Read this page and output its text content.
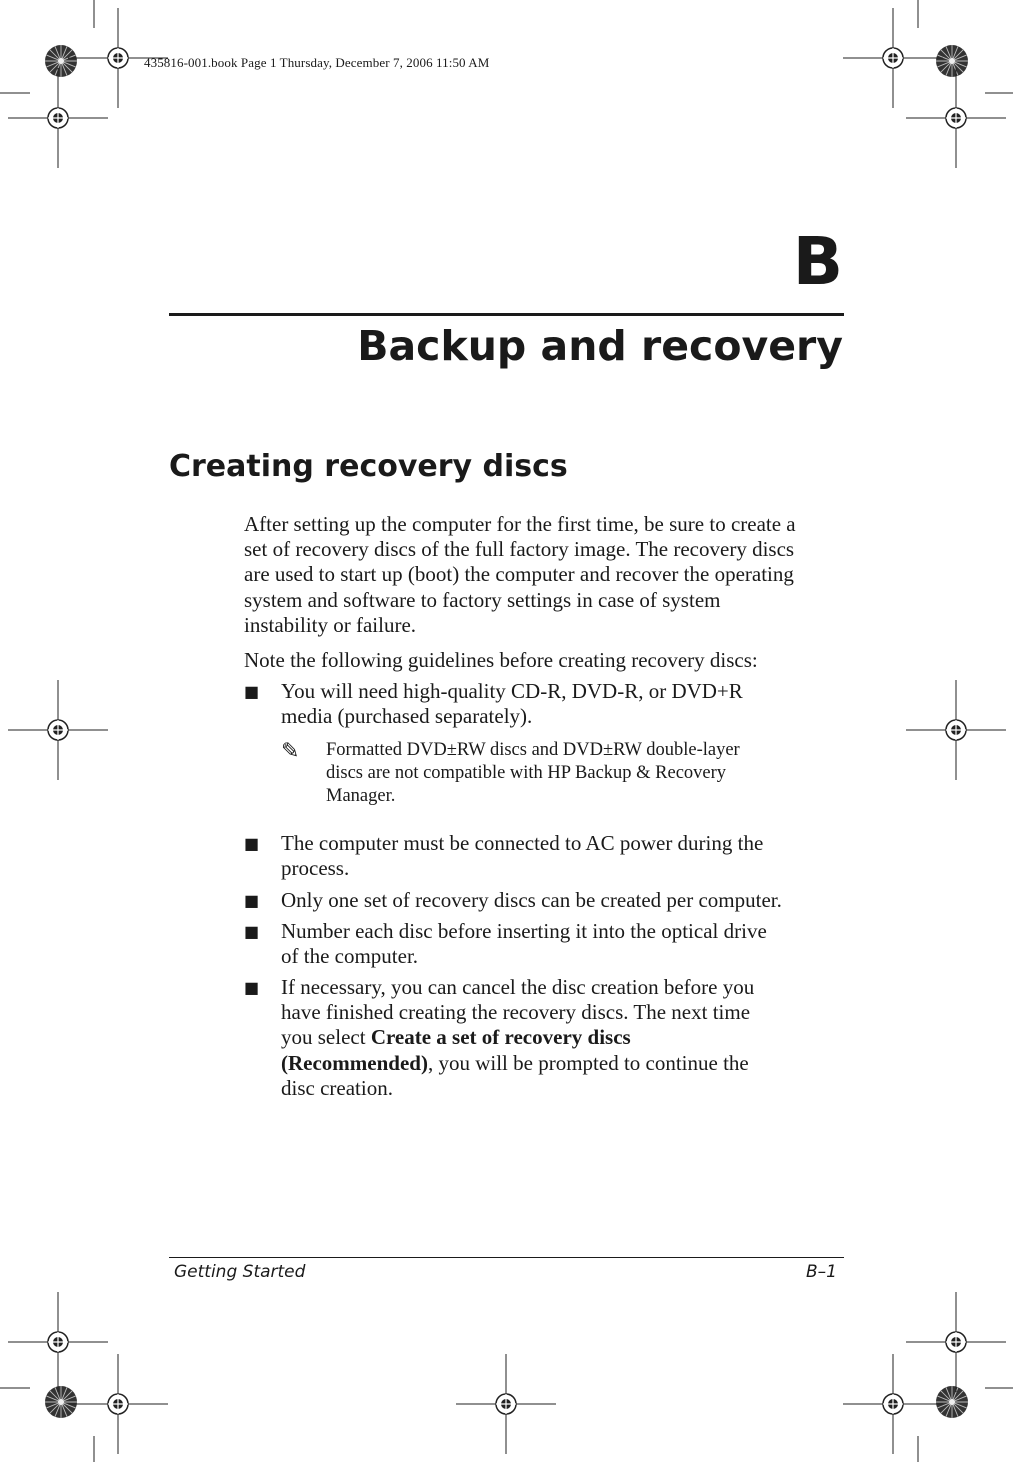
435816-001.book Page 1 Thursday, December 7, 2006 11:50 AM
B
Backup and recovery
Creating recovery discs

After setting up the computer for the first time, be sure to create a
set of recovery discs of the full factory image. The recovery discs
are used to start up (boot) the computer and recover the operating
system and software to factory settings in case of system
instability or failure.

Note the following guidelines before creating recovery discs:

■ You will need high-quality CD-R, DVD-R, or DVD+R
media (purchased separately).
✎ Formatted DVD±RW discs and DVD±RW double-layer
discs are not compatible with HP Backup & Recovery
Manager.
■ The computer must be connected to AC power during the
process.
■ Only one set of recovery discs can be created per computer.
■ Number each disc before inserting it into the optical drive
of the computer.
■ If necessary, you can cancel the disc creation before you
have finished creating the recovery discs. The next time
you select Create a set of recovery discs
(Recommended), you will be prompted to continue the
disc creation.
Getting Started	B–1
